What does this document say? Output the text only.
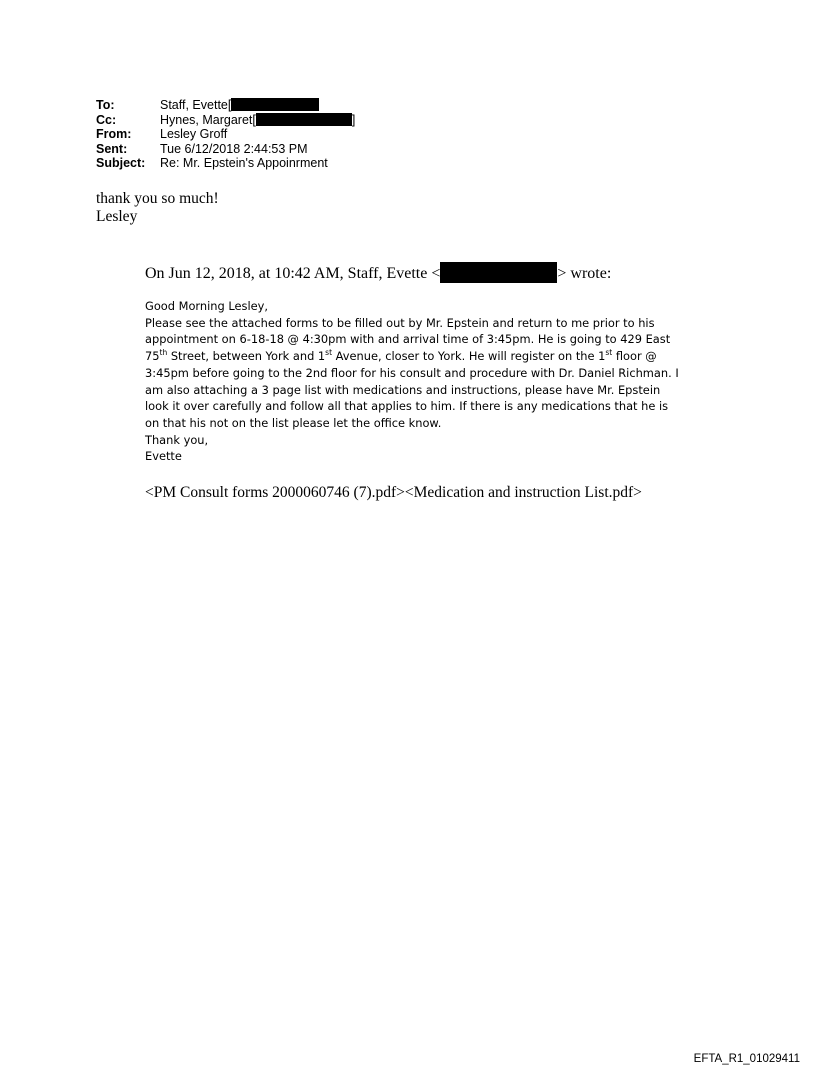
To:	Staff, Evette[
Cc:	Hynes, Margaret[	]
From:	Lesley Groff
Sent:	Tue 6/12/2018 2:44:53 PM
Subject:	Re: Mr. Epstein's Appoinrment
thank you so much!
Lesley
On Jun 12, 2018, at 10:42 AM, Staff, Evette <	> wrote:

Good Morning Lesley,

Please see the attached forms to be filled out by Mr. Epstein and return to me prior to his appointment on 6-18-18 @ 4:30pm with and arrival time of 3:45pm. He is going to 429 East 75th Street, between York and 1st Avenue, closer to York. He will register on the 1st floor @ 3:45pm before going to the 2nd floor for his consult and procedure with Dr. Daniel Richman. I am also attaching a 3 page list with medications and instructions, please have Mr. Epstein look it over carefully and follow all that applies to him. If there is any medications that he is on that his not on the list please let the office know.

Thank you,

Evette

<PM Consult forms 2000060746 (7).pdf><Medication and instruction List.pdf>
EFTA_R1_01029411
